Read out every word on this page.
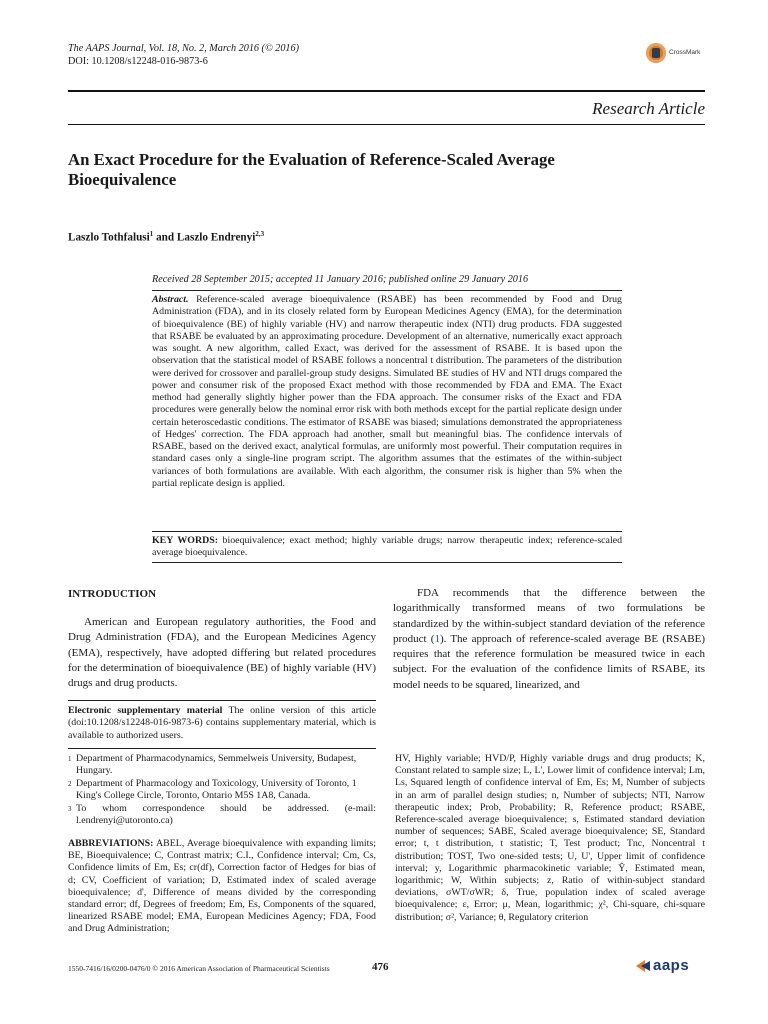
The AAPS Journal, Vol. 18, No. 2, March 2016 (© 2016)
DOI: 10.1208/s12248-016-9873-6
CrossMark
Research Article
An Exact Procedure for the Evaluation of Reference-Scaled Average Bioequivalence
Laszlo Tothfalusi$^1$ and Laszlo Endrenyi$^{2,3}$
Received 28 September 2015; accepted 11 January 2016; published online 29 January 2016
Abstract. Reference-scaled average bioequivalence (RSABE) has been recommended by Food and Drug Administration (FDA), and in its closely related form by European Medicines Agency (EMA), for the determination of bioequivalence (BE) of highly variable (HV) and narrow therapeutic index (NTI) drug products. FDA suggested that RSABE be evaluated by an approximating procedure. Development of an alternative, numerically exact approach was sought. A new algorithm, called Exact, was derived for the assessment of RSABE. It is based upon the observation that the statistical model of RSABE follows a noncentral t distribution. The parameters of the distribution were derived for crossover and parallel-group study designs. Simulated BE studies of HV and NTI drugs compared the power and consumer risk of the proposed Exact method with those recommended by FDA and EMA. The Exact method had generally slightly higher power than the FDA approach. The consumer risks of the Exact and FDA procedures were generally below the nominal error risk with both methods except for the partial replicate design under certain heteroscedastic conditions. The estimator of RSABE was biased; simulations demonstrated the appropriateness of Hedges' correction. The FDA approach had another, small but meaningful bias. The confidence intervals of RSABE, based on the derived exact, analytical formulas, are uniformly most powerful. Their computation requires in standard cases only a single-line program script. The algorithm assumes that the estimates of the within-subject variances of both formulations are available. With each algorithm, the consumer risk is higher than 5% when the partial replicate design is applied.
KEY WORDS: bioequivalence; exact method; highly variable drugs; narrow therapeutic index; reference-scaled average bioequivalence.
INTRODUCTION
American and European regulatory authorities, the Food and Drug Administration (FDA), and the European Medicines Agency (EMA), respectively, have adopted differing but related procedures for the determination of bioequivalence (BE) of highly variable (HV) drugs and drug products.
FDA recommends that the difference between the logarithmically transformed means of two formulations be standardized by the within-subject standard deviation of the reference product (1). The approach of reference-scaled average BE (RSABE) requires that the reference formulation be measured twice in each subject. For the evaluation of the confidence limits of RSABE, its model needs to be squared, linearized, and
Electronic supplementary material The online version of this article (doi:10.1208/s12248-016-9873-6) contains supplementary material, which is available to authorized users.
1 Department of Pharmacodynamics, Semmelweis University, Budapest, Hungary.
2 Department of Pharmacology and Toxicology, University of Toronto, 1 King's College Circle, Toronto, Ontario M5S 1A8, Canada.
3 To whom correspondence should be addressed. (e-mail: l.endrenyi@utoronto.ca)
ABBREVIATIONS: ABEL, Average bioequivalence with expanding limits; BE, Bioequivalence; C, Contrast matrix; C.I., Confidence interval; Cm, Cs, Confidence limits of Em, Es; cr(df), Correction factor of Hedges for bias of d; CV, Coefficient of variation; D, Estimated index of scaled average bioequivalence; d', Difference of means divided by the corresponding standard error; df, Degrees of freedom; Em, Es, Components of the squared, linearized RSABE model; EMA, European Medicines Agency; FDA, Food and Drug Administration;
HV, Highly variable; HVD/P, Highly variable drugs and drug products; K, Constant related to sample size; L, L', Lower limit of confidence interval; Lm, Ls, Squared length of confidence interval of Em, Es; M, Number of subjects in an arm of parallel design studies; n, Number of subjects; NTI, Narrow therapeutic index; Prob, Probability; R, Reference product; RSABE, Reference-scaled average bioequivalence; s, Estimated standard deviation number of sequences; SABE, Scaled average bioequivalence; SE, Standard error; t, t distribution, t statistic; T, Test product; Tnc, Noncentral t distribution; TOST, Two one-sided tests; U, U', Upper limit of confidence interval; y, Logarithmic pharmacokinetic variable; Ŷ, Estimated mean, logarithmic; W, Within subjects; z, Ratio of within-subject standard deviations, σWT/σWR; δ, True, population index of scaled average bioequivalence; ε, Error; μ, Mean, logarithmic; χ², Chi-square, chi-square distribution; σ², Variance; θ, Regulatory criterion
1550-7416/16/0200-0476/0 © 2016 American Association of Pharmaceutical Scientists	476	aaps
